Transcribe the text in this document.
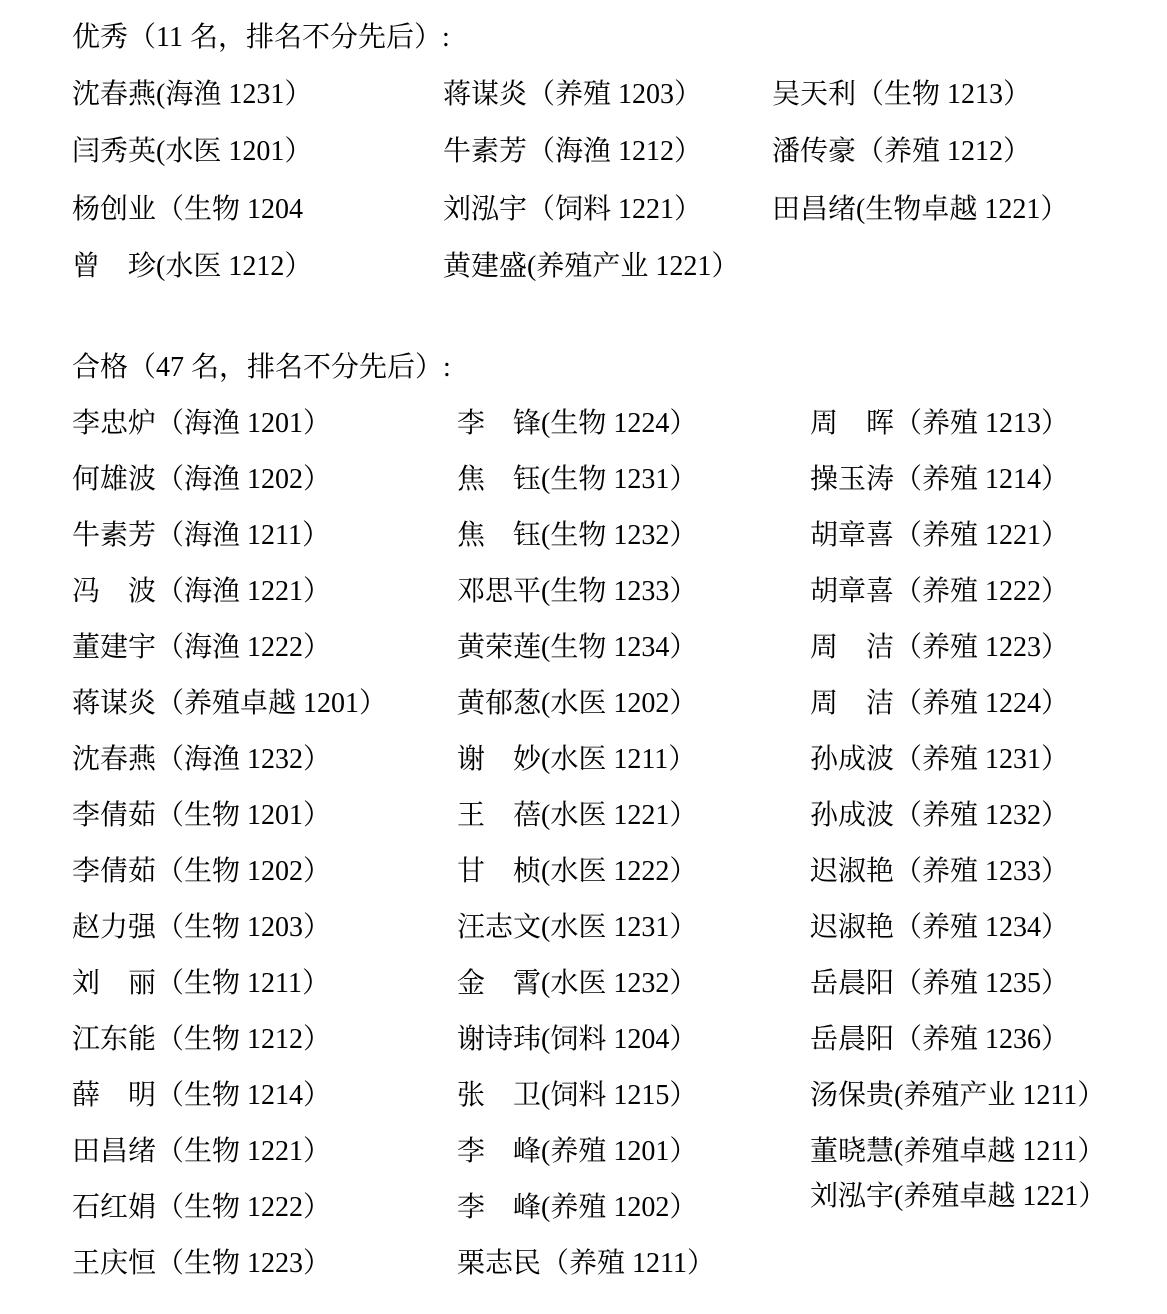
优秀（11 名，排名不分先后）:
沈春燕(海渔 1231）	蒋谋炎（养殖 1203） 吴天利（生物 1213）
闫秀英(水医 1201）	牛素芳（海渔 1212） 潘传豪（养殖 1212）
杨创业（生物 1204	刘泓宇（饲料 1221） 田昌绪(生物卓越 1221）
曾　珍(水医 1212）	黄建盛(养殖产业 1221）
合格（47 名，排名不分先后）:
李忠炉（海渔 1201）	李　锋(生物 1224）	周　晖（养殖 1213）
何雄波（海渔 1202）	焦　钰(生物 1231）	操玉涛（养殖 1214）
牛素芳（海渔 1211）	焦　钰(生物 1232）	胡章喜（养殖 1221）
冯　波（海渔 1221）	邓思平(生物 1233）	胡章喜（养殖 1222）
董建宇（海渔 1222）	黄荣莲(生物 1234）	周　洁（养殖 1223）
蒋谋炎（养殖卓越 1201） 黄郁葱(水医 1202）	周　洁（养殖 1224）
沈春燕（海渔 1232）	谢　妙(水医 1211）	孙成波（养殖 1231）
李倩茹（生物 1201）	王　蓓(水医 1221）	孙成波（养殖 1232）
李倩茹（生物 1202）	甘　桢(水医 1222）	迟淑艳（养殖 1233）
赵力强（生物 1203）	汪志文(水医 1231）	迟淑艳（养殖 1234）
刘　丽（生物 1211）	金　霄(水医 1232）	岳晨阳（养殖 1235）
江东能（生物 1212）	谢诗玮(饲料 1204）	岳晨阳（养殖 1236）
薛　明（生物 1214）	张　卫(饲料 1215）	汤保贵(养殖产业 1211）
田昌绪（生物 1221）	李　峰(养殖 1201）	董晓慧(养殖卓越 1211）
石红娟（生物 1222）	李　峰(养殖 1202）	刘泓宇(养殖卓越 1221）
王庆恒（生物 1223）	栗志民（养殖 1211）
